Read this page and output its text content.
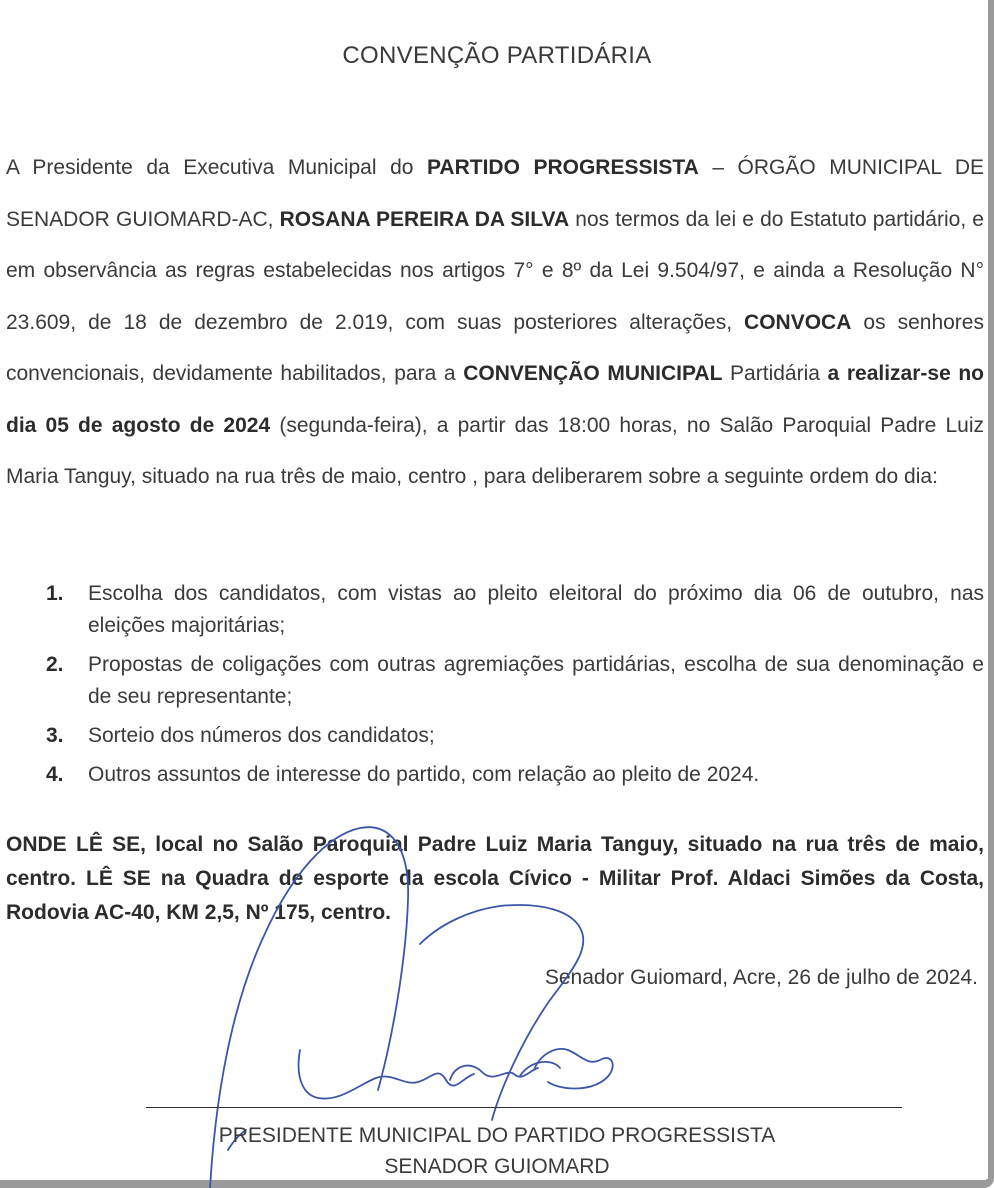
CONVENÇÃO PARTIDÁRIA
A Presidente da Executiva Municipal do PARTIDO PROGRESSISTA – ÓRGÃO MUNICIPAL DE SENADOR GUIOMARD-AC, ROSANA PEREIRA DA SILVA nos termos da lei e do Estatuto partidário, e em observância as regras estabelecidas nos artigos 7° e 8º da Lei 9.504/97, e ainda a Resolução N° 23.609, de 18 de dezembro de 2.019, com suas posteriores alterações, CONVOCA os senhores convencionais, devidamente habilitados, para a CONVENÇÃO MUNICIPAL Partidária a realizar-se no dia 05 de agosto de 2024 (segunda-feira), a partir das 18:00 horas, no Salão Paroquial Padre Luiz Maria Tanguy, situado na rua três de maio, centro , para deliberarem sobre a seguinte ordem do dia:
1. Escolha dos candidatos, com vistas ao pleito eleitoral do próximo dia 06 de outubro, nas eleições majoritárias;
2. Propostas de coligações com outras agremiações partidárias, escolha de sua denominação e de seu representante;
3. Sorteio dos números dos candidatos;
4. Outros assuntos de interesse do partido, com relação ao pleito de 2024.
ONDE LÊ SE, local no Salão Paroquial Padre Luiz Maria Tanguy, situado na rua três de maio, centro. LÊ SE na Quadra de esporte da escola Cívico - Militar Prof. Aldaci Simões da Costa, Rodovia AC-40, KM 2,5, Nº 175, centro.
Senador Guiomard, Acre, 26 de julho de 2024.
PRESIDENTE MUNICIPAL DO PARTIDO PROGRESSISTA
SENADOR GUIOMARD
